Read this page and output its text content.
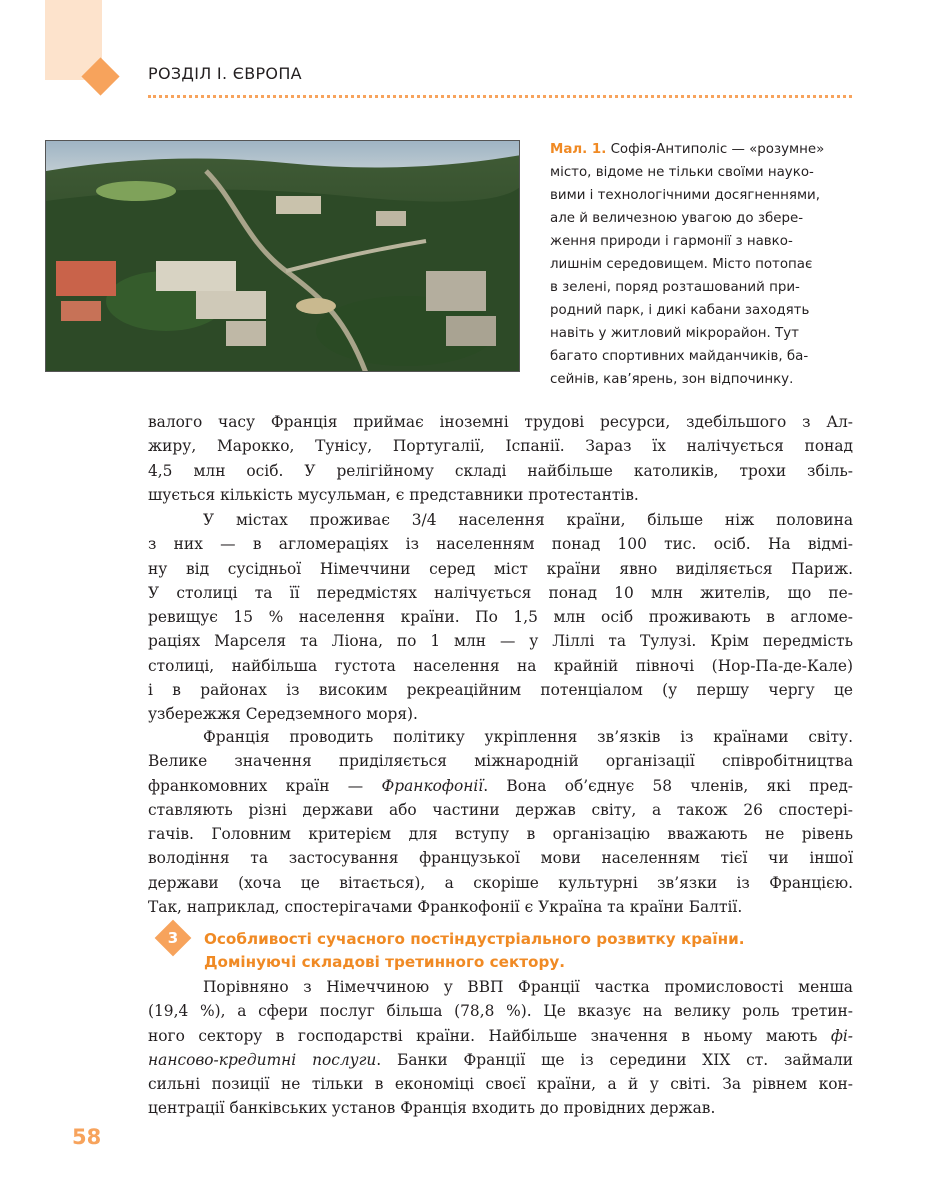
РОЗДІЛ І. ЄВРОПА
Мал. 1. Софія-Антиполіс — «розумне»
місто, відоме не тільки своїми науко-
вими і технологічними досягненнями,
але й величезною увагою до збере-
ження природи і гармонії з навко-
лишнім середовищем. Місто потопає
в зелені, поряд розташований при-
родний парк, і дикі кабани заходять
навіть у житловий мікрорайон. Тут
багато спортивних майданчиків, ба-
сейнів, кав’ярень, зон відпочинку.
валого часу Франція приймає іноземні трудові ресурси, здебільшого з Ал-
жиру, Марокко, Тунісу, Португалії, Іспанії. Зараз їх налічується понад
4,5 млн осіб. У релігійному складі найбільше католиків, трохи збіль-
шується кількість мусульман, є представники протестантів.
У містах проживає 3/4 населення країни, більше ніж половина
з них — в агломераціях із населенням понад 100 тис. осіб. На відмі-
ну від сусідньої Німеччини серед міст країни явно виділяється Париж.
У столиці та її передмістях налічується понад 10 млн жителів, що пе-
ревищує 15 % населення країни. По 1,5 млн осіб проживають в агломе-
раціях Марселя та Ліона, по 1 млн — у Ліллі та Тулузі. Крім передмість
столиці, найбільша густота населення на крайній півночі (Нор-Па-де-Кале)
і в районах із високим рекреаційним потенціалом (у першу чергу це
узбережжя Середземного моря).
Франція проводить політику укріплення зв’язків із країнами світу.
Велике значення приділяється міжнародній організації співробітництва
франкомовних країн — Франкофонії. Вона об’єднує 58 членів, які пред-
ставляють різні держави або частини держав світу, а також 26 спостері-
гачів. Головним критерієм для вступу в організацію вважають не рівень
володіння та застосування французької мови населенням тієї чи іншої
держави (хоча це вітається), а скоріше культурні зв’язки із Францією.
Так, наприклад, спостерігачами Франкофонії є Україна та країни Балтії.
3	Особливості сучасного постіндустріального розвитку країни.
Домінуючі складові третинного сектору.
Порівняно з Німеччиною у ВВП Франції частка промисловості менша
(19,4 %), а сфери послуг більша (78,8 %). Це вказує на велику роль третин-
ного сектору в господарстві країни. Найбільше значення в ньому мають фі-
нансово-кредитні послуги. Банки Франції ще із середини XIX ст. займали
сильні позиції не тільки в економіці своєї країни, а й у світі. За рівнем кон-
центрації банківських установ Франція входить до провідних держав.
58
